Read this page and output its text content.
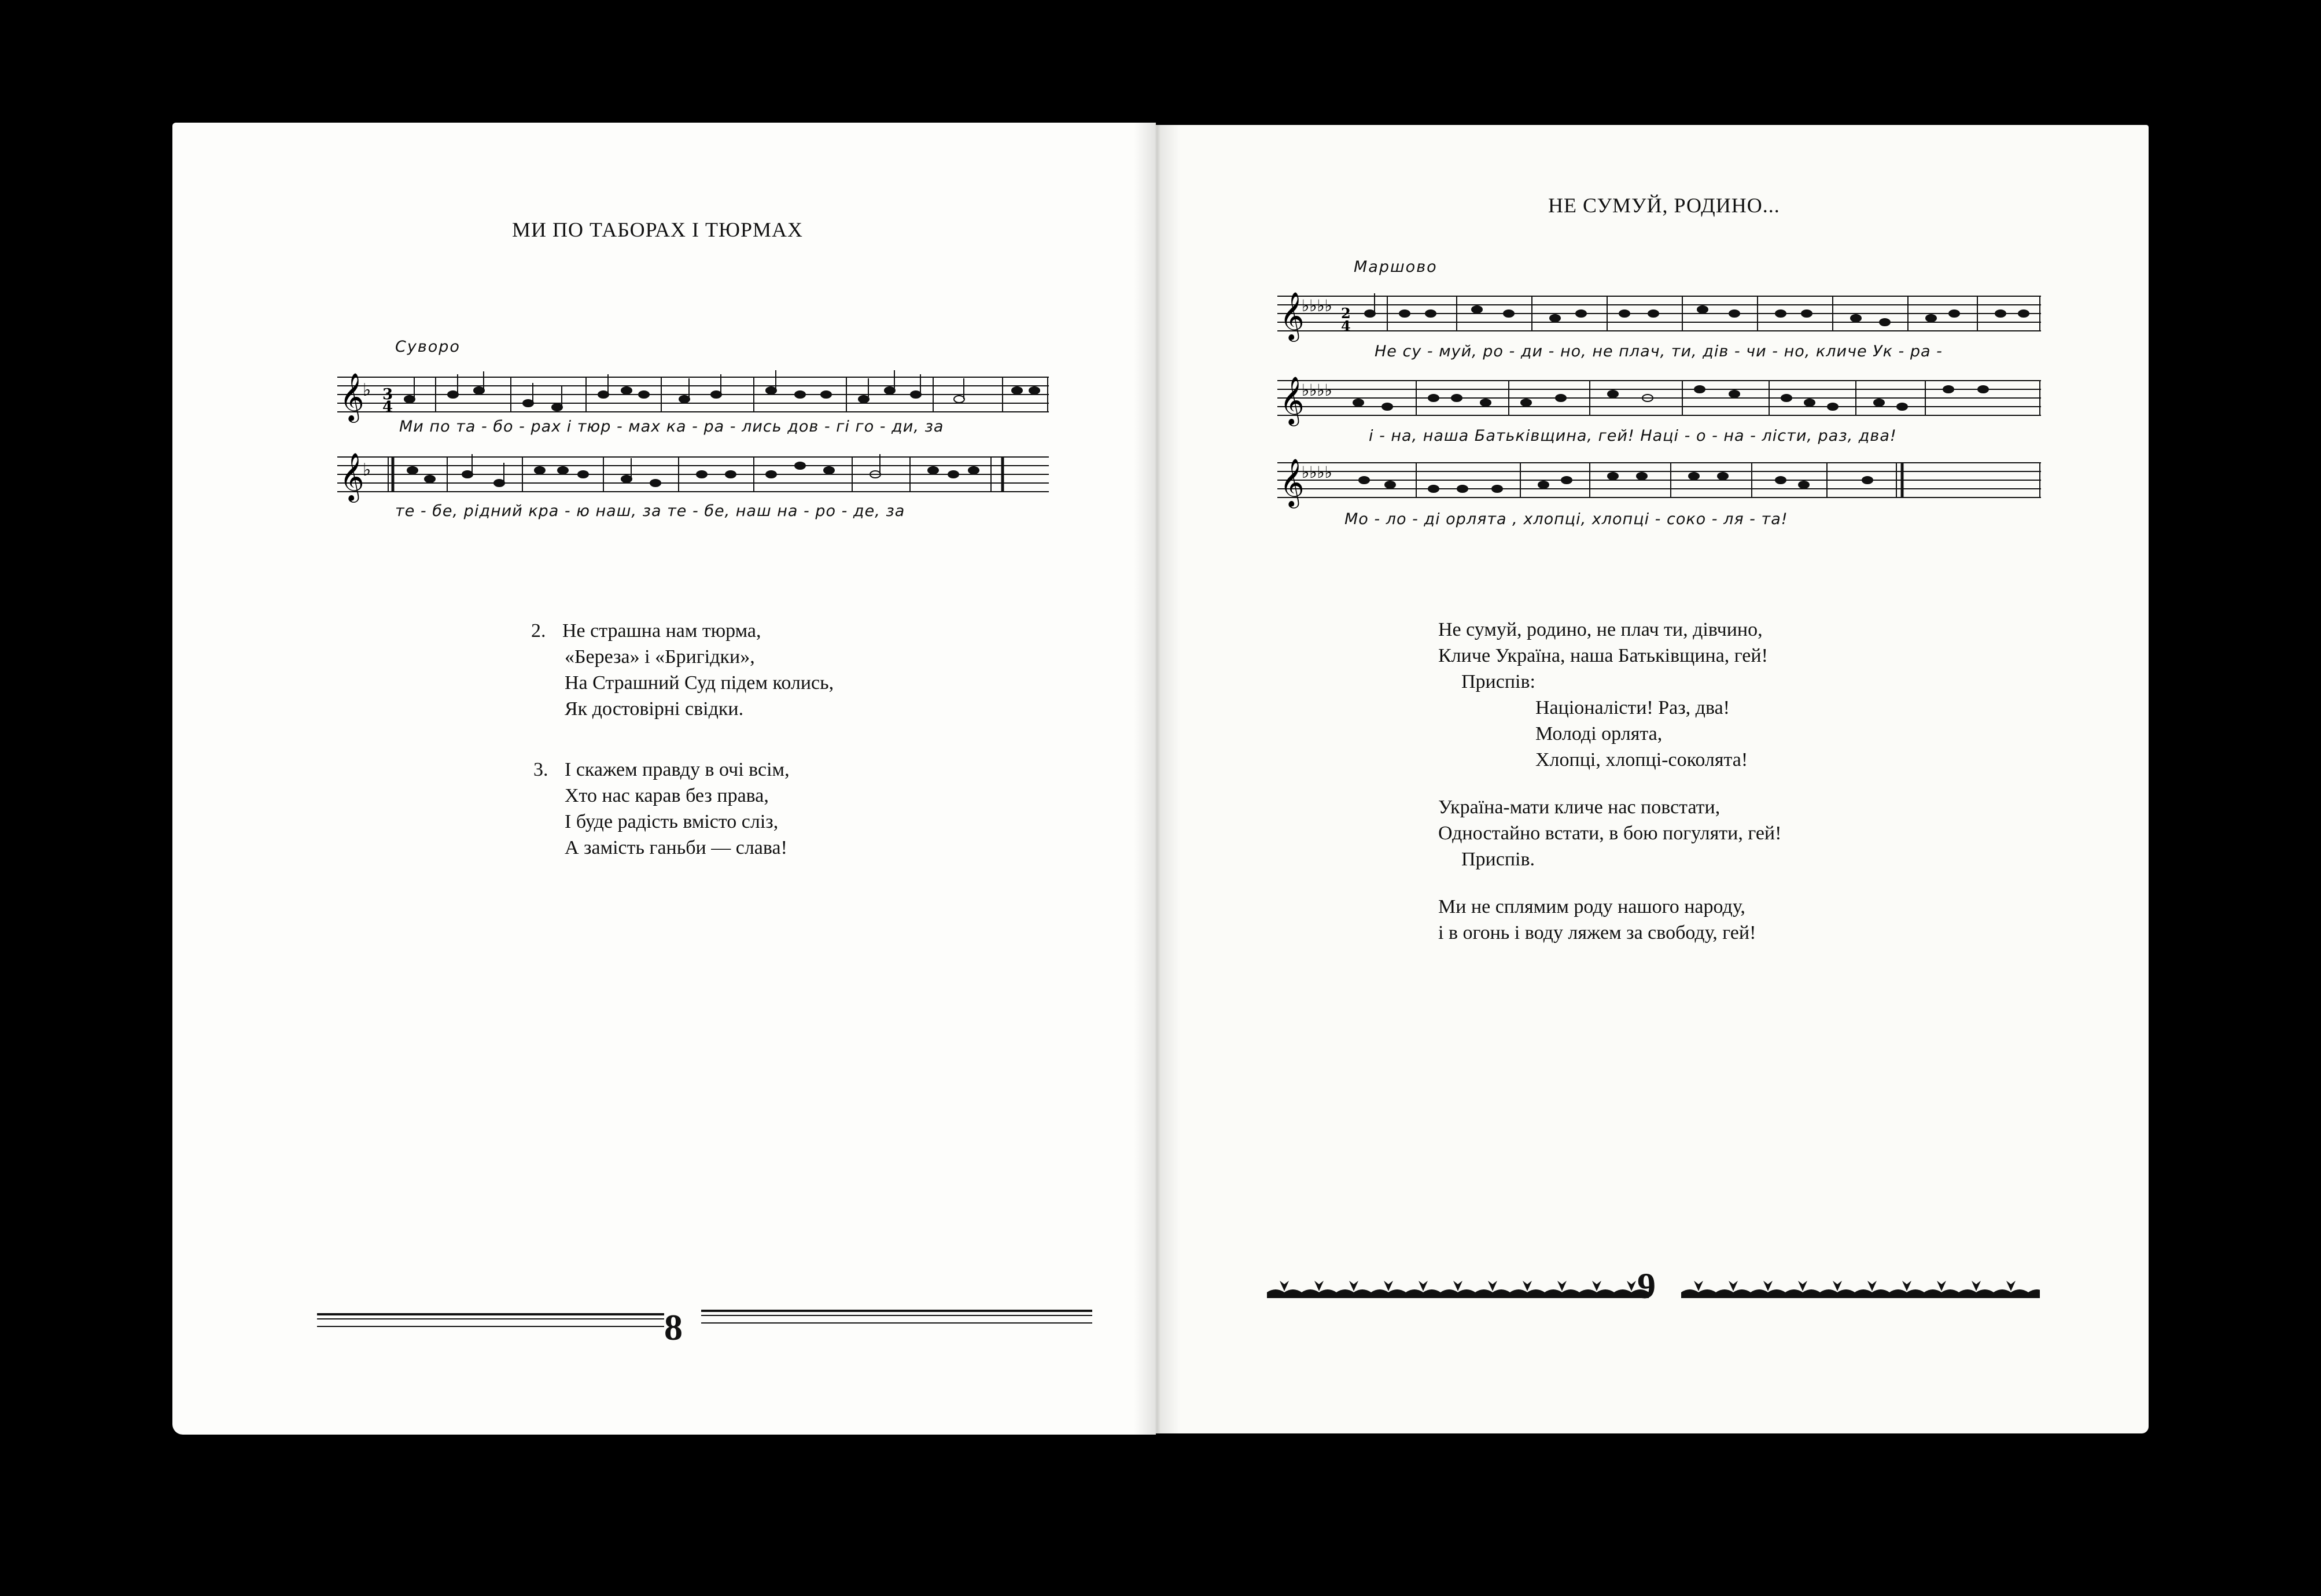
МИ ПО ТАБОРАХ І ТЮРМАХ
Суворо
𝄞
♭ 3
4
Ми по та - бо - рах і тюр - мах ка - ра - лись дов - гі го - ди, за
𝄞
♭
те - бе, рідний кра - ю наш, за те - бе, наш на - ро - де, за
2. Не страшна нам тюрма,
«Береза» і «Бригідки»,
На Страшний Суд підем колись,
Як достовірні свідки.
3. І скажем правду в очі всім,
Хто нас карав без права,
І буде радість вмісто сліз,
А замість ганьби — слава!
8
НЕ СУМУЙ, РОДИНО...
Маршово
𝄞
♭♭♭♭ 2
4
Не су - муй, ро - ди - но, не плач, ти, дів - чи - но, кличе Ук - ра -
𝄞
♭♭♭♭
і - на, наша Батьківщина, гей! Наці - о - на - лісти, раз, два!
𝄞
♭♭♭♭
Мо - ло - ді орлята , хлопці, хлопці - соко - ля - та!
Не сумуй, родино, не плач ти, дівчино,
Кличе Україна, наша Батьківщина, гей!
Приспів:
Націоналісти! Раз, два!
Молоді орлята,
Хлопці, хлопці-соколята!
Україна-мати кличе нас повстати,
Одностайно встати, в бою погуляти, гей!
Приспів.
Ми не сплямим роду нашого народу,
і в огонь і воду ляжем за свободу, гей!
9
